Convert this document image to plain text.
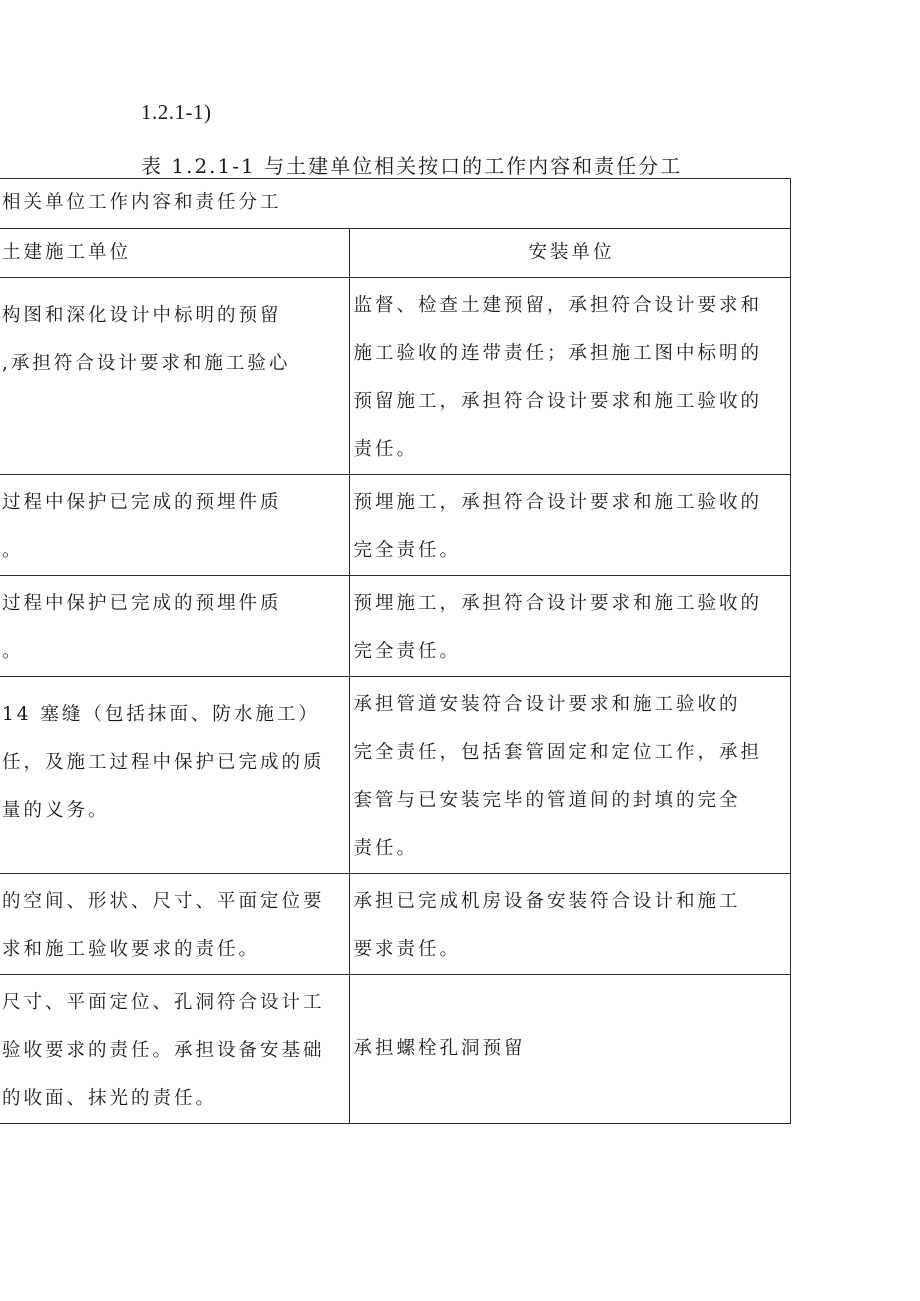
1.2.1-1)
表 1.2.1-1 与土建单位相关按口的工作内容和责任分工
相关单位工作内容和责任分工	
土建施工单位	安装单位

构图和深化设计中标明的预留
,承担符合设计要求和施工验心	监督、检查土建预留，承担符合设计要求和
施工验收的连带责任；承担施工图中标明的
预留施工，承担符合设计要求和施工验收的
责任。

过程中保护已完成的预埋件质
。	预埋施工，承担符合设计要求和施工验收的
完全责任。

过程中保护已完成的预埋件质
。	预埋施工，承担符合设计要求和施工验收的
完全责任。

14 塞缝（包括抹面、防水施工）
任，及施工过程中保护已完成的质
量的义务。	承担管道安装符合设计要求和施工验收的
完全责任，包括套管固定和定位工作，承担
套管与已安装完毕的管道间的封填的完全
责任。

的空间、形状、尺寸、平面定位要
求和施工验收要求的责任。	承担已完成机房设备安装符合设计和施工
要求责任。

尺寸、平面定位、孔洞符合设计工
验收要求的责任。承担设备安基础
的收面、抹光的责任。	承担螺栓孔洞预留
